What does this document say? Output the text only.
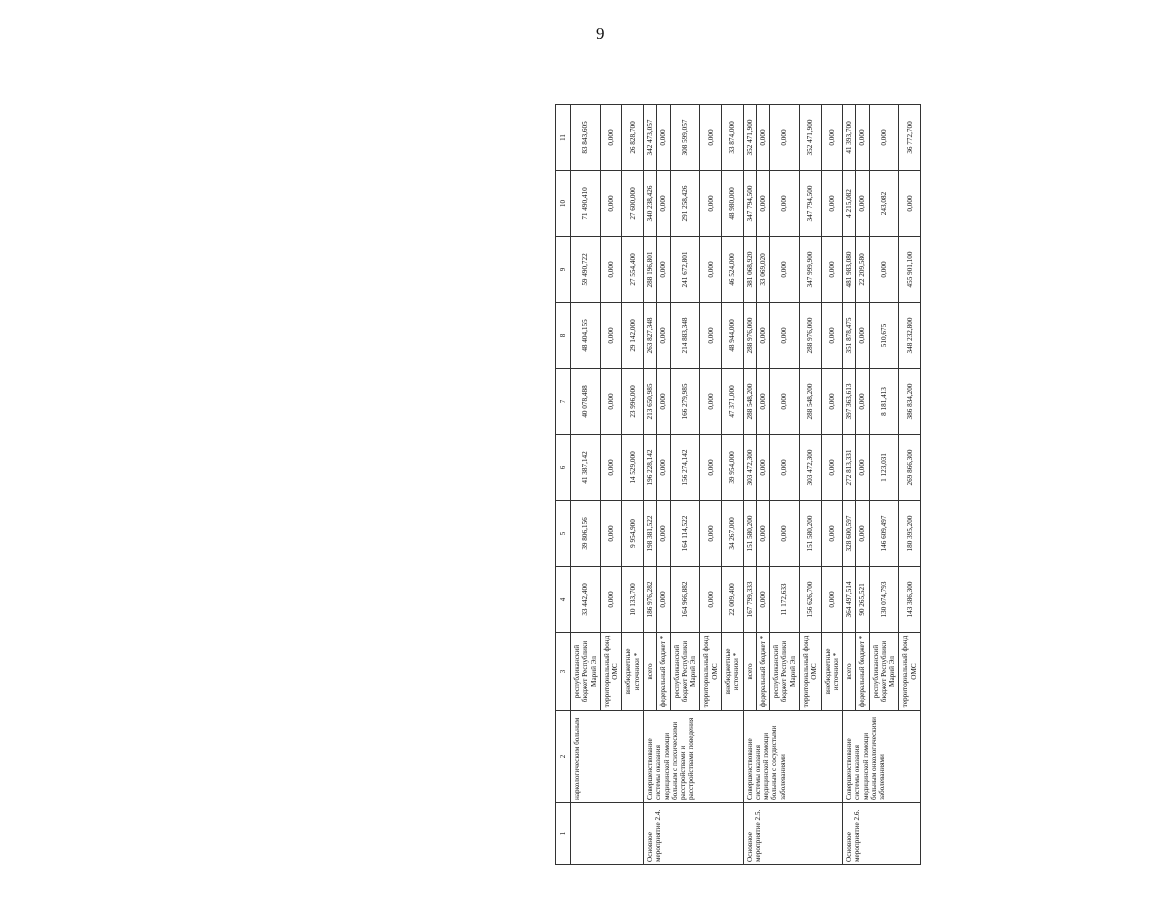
9
1	2	3	4	5	6	7	8	9	10	11
	наркологическим больным	республиканский бюджет Республики Марий Эл	33 442,400	39 806,156	41 387,142	40 078,488	48 404,155	59 490,722	71 490,410	83 843,605
		территориальный фонд ОМС	0,000	0,000	0,000	0,000	0,000	0,000	0,000	0,000
		внебюджетные источники *	10 133,700	9 954,900	14 529,000	23 996,000	29 142,000	27 554,400	27 600,000	26 828,700
Основное мероприятие 2.4.	Совершенствование системы оказания медицинской помощи больным с психическими расстройствами и расстройствами поведения	всего	186 976,282	198 381,522	196 228,142	213 650,985	263 827,348	288 196,801	340 238,426	342 473,057
		федеральный бюджет *	0,000	0,000	0,000	0,000	0,000	0,000	0,000	0,000
		республиканский бюджет Республики Марий Эл	164 966,882	164 114,522	156 274,142	166 279,985	214 883,348	241 672,801	291 258,426	308 599,057
		территориальный фонд ОМС	0,000	0,000	0,000	0,000	0,000	0,000	0,000	0,000
		внебюджетные источники *	22 009,400	34 267,000	39 954,000	47 371,000	48 944,000	46 524,000	48 980,000	33 874,000
Основное мероприятие 2.5.	Совершенствование системы оказания медицинской помощи больным с сосудистыми заболеваниями	всего	167 799,333	151 580,200	303 472,300	288 548,200	288 976,000	381 068,920	347 794,500	352 471,900
		федеральный бюджет *	0,000	0,000	0,000	0,000	0,000	33 069,020	0,000	0,000
		республиканский бюджет Республики Марий Эл	11 172,633	0,000	0,000	0,000	0,000	0,000	0,000	0,000
		территориальный фонд ОМС	156 626,700	151 580,200	303 472,300	288 548,200	288 976,000	347 999,900	347 794,500	352 471,900
		внебюджетные источники *	0,000	0,000	0,000	0,000	0,000	0,000	0,000	0,000
Основное мероприятие 2.6.	Совершенствование системы оказания медицинской помощи больным онкологическими заболеваниями	всего	364 497,514	328 600,597	272 813,331	397 363,613	351 878,475	481 983,080	4 215,082	41 393,700
		федеральный бюджет *	90 265,521	0,000	0,000	0,000	0,000	22 209,580	0,000	0,000
		республиканский бюджет Республики Марий Эл	130 074,793	146 609,497	1 123,031	8 181,413	510,675	0,000	243,082	0,000
		территориальный фонд ОМС	143 386,300	180 395,200	269 866,300	386 834,200	348 232,800	455 901,100	0,000	36 772,700
